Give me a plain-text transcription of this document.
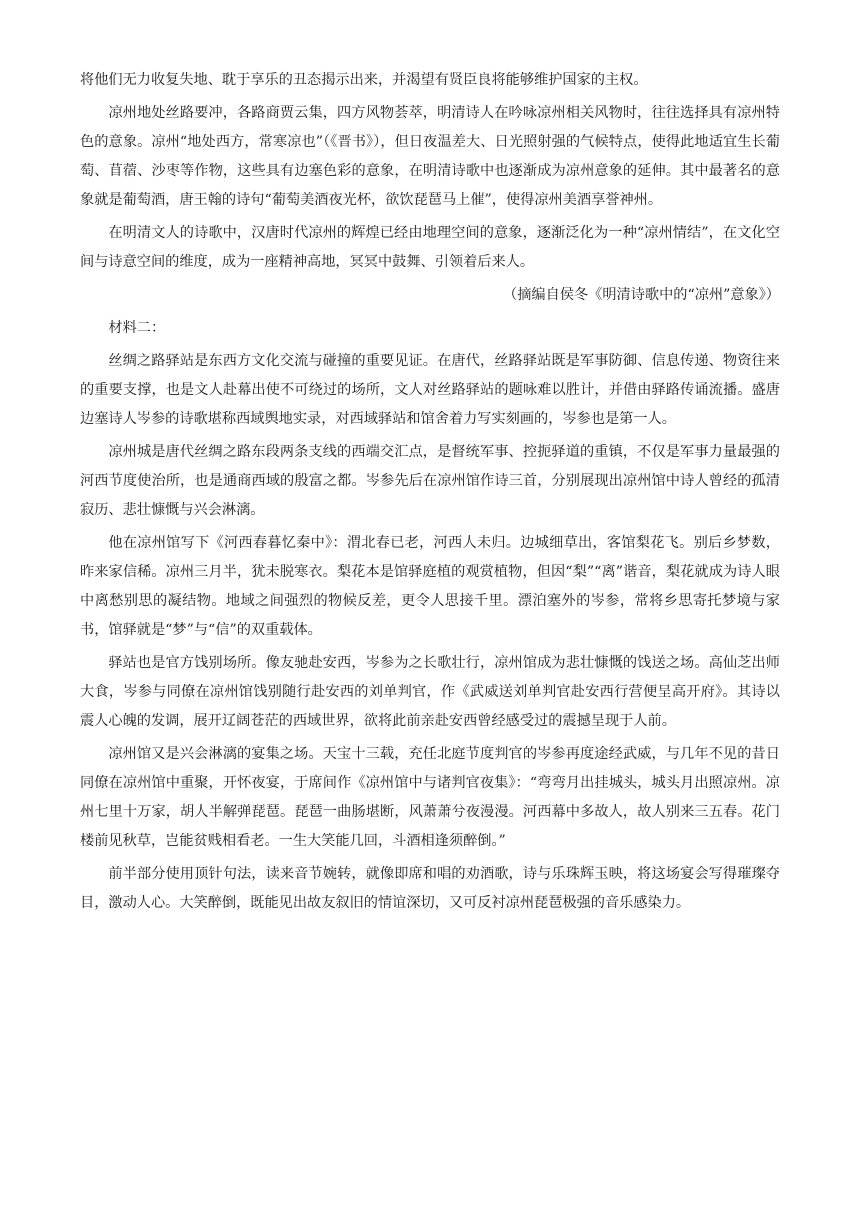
将他们无力收复失地、耽于享乐的丑态揭示出来，并渴望有贤臣良将能够维护国家的主权。

凉州地处丝路要冲，各路商贾云集，四方风物荟萃，明清诗人在吟咏凉州相关风物时，往往选择具有凉州特色的意象。凉州“地处西方，常寒凉也”（《晋书》），但日夜温差大、日光照射强的气候特点，使得此地适宜生长葡萄、苜蓿、沙枣等作物，这些具有边塞色彩的意象，在明清诗歌中也逐渐成为凉州意象的延伸。其中最著名的意象就是葡萄酒，唐王翰的诗句“葡萄美酒夜光杯，欲饮琵琶马上催”，使得凉州美酒享誉神州。

在明清文人的诗歌中，汉唐时代凉州的辉煌已经由地理空间的意象，逐渐泛化为一种“凉州情结”，在文化空间与诗意空间的维度，成为一座精神高地，冥冥中鼓舞、引领着后来人。

（摘编自侯冬《明清诗歌中的“凉州”意象》）

材料二：

丝绸之路驿站是东西方文化交流与碰撞的重要见证。在唐代，丝路驿站既是军事防御、信息传递、物资往来的重要支撑，也是文人赴幕出使不可绕过的场所，文人对丝路驿站的题咏难以胜计，并借由驿路传诵流播。盛唐边塞诗人岑参的诗歌堪称西域舆地实录，对西域驿站和馆舍着力写实刻画的，岑参也是第一人。

凉州城是唐代丝绸之路东段两条支线的西端交汇点，是督统军事、控扼驿道的重镇，不仅是军事力量最强的河西节度使治所，也是通商西域的殷富之都。岑参先后在凉州馆作诗三首，分别展现出凉州馆中诗人曾经的孤清寂历、悲壮慷慨与兴会淋漓。

他在凉州馆写下《河西春暮忆秦中》：渭北春已老，河西人未归。边城细草出，客馆梨花飞。别后乡梦数，昨来家信稀。凉州三月半，犹未脱寒衣。梨花本是馆驿庭植的观赏植物，但因“梨”“离”谐音，梨花就成为诗人眼中离愁别思的凝结物。地域之间强烈的物候反差，更令人思接千里。漂泊塞外的岑参，常将乡思寄托梦境与家书，馆驿就是“梦”与“信”的双重载体。

驿站也是官方饯别场所。像友驰赴安西，岑参为之长歌壮行，凉州馆成为悲壮慷慨的饯送之场。高仙芝出师大食，岑参与同僚在凉州馆饯别随行赴安西的刘单判官，作《武威送刘单判官赴安西行营便呈高开府》。其诗以震人心魄的发调，展开辽阔苍茫的西域世界，欲将此前亲赴安西曾经感受过的震撼呈现于人前。

凉州馆又是兴会淋漓的宴集之场。天宝十三载，充任北庭节度判官的岑参再度途经武威，与几年不见的昔日同僚在凉州馆中重聚，开怀夜宴，于席间作《凉州馆中与诸判官夜集》：“弯弯月出挂城头，城头月出照凉州。凉州七里十万家，胡人半解弹琵琶。琵琶一曲肠堪断，风萧萧兮夜漫漫。河西幕中多故人，故人别来三五春。花门楼前见秋草，岂能贫贱相看老。一生大笑能几回，斗酒相逢须醉倒。”

前半部分使用顶针句法，读来音节婉转，就像即席和唱的劝酒歌，诗与乐珠辉玉映，将这场宴会写得璀璨夺目，激动人心。大笑醉倒，既能见出故友叙旧的情谊深切，又可反衬凉州琵琶极强的音乐感染力。
